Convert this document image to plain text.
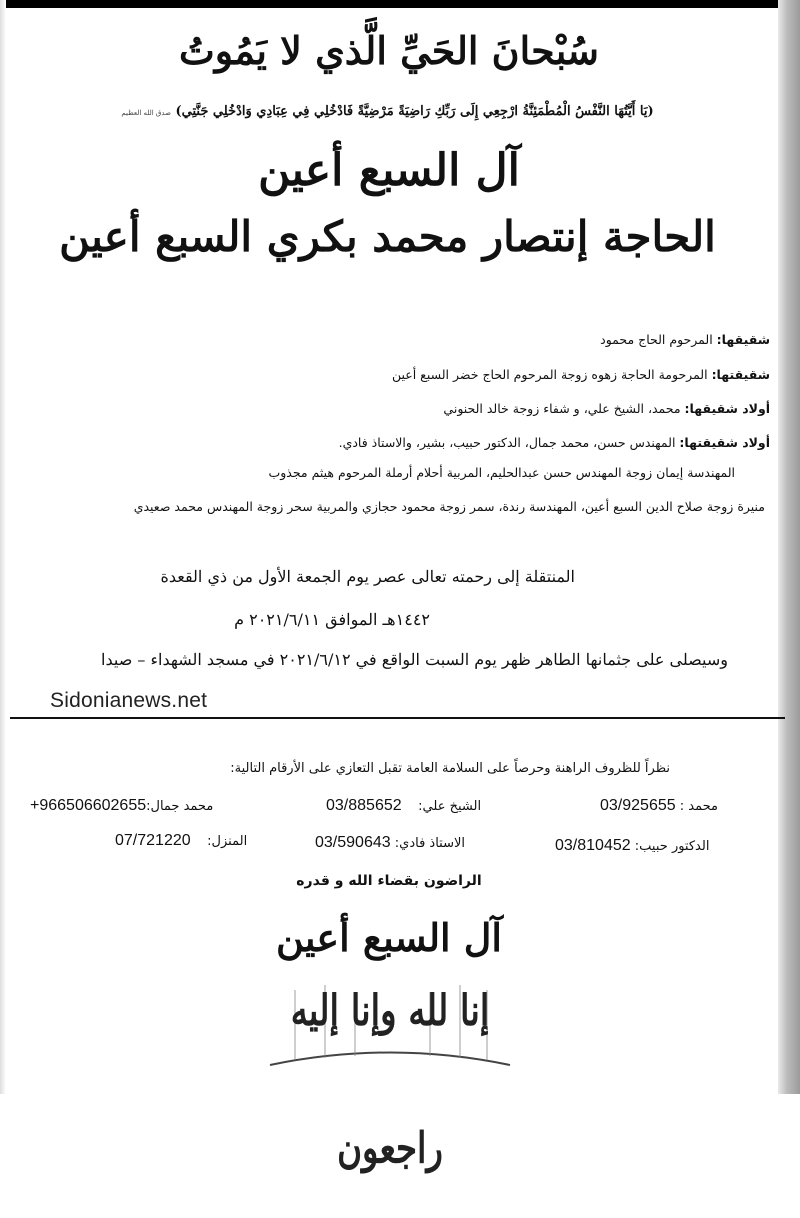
سُبْحانَ الحَيِّ الَّذي لا يَمُوتُ
(يَا أَيَّتُهَا النَّفْسُ الْمُطْمَئِنَّةُ ارْجِعِي إِلَى رَبِّكِ رَاضِيَةً مَرْضِيَّةً فَادْخُلِي فِي عِبَادِي وَادْخُلِي جَنَّتِي) صدق الله العظيم
آل السبع أعين
الحاجة إنتصار محمد بكري السبع أعين
شقيقها: المرحوم الحاج محمود
شقيقتها: المرحومة الحاجة زهوه زوجة المرحوم الحاج خضر السبع أعين
أولاد شقيقها: محمد، الشيخ علي، و شفاء زوجة خالد الحنوني
أولاد شقيقتها: المهندس حسن، محمد جمال، الدكتور حبيب، بشير، والاستاذ فادي.
المهندسة إيمان زوجة المهندس حسن عبدالحليم، المربية أحلام أرملة المرحوم هيثم مجذوب
منيرة زوجة صلاح الدين السبع أعين، المهندسة رندة، سمر زوجة محمود حجازي والمربية سحر زوجة المهندس محمد صعيدي
المنتقلة إلى رحمته تعالى عصر يوم الجمعة الأول من ذي القعدة
١٤٤٢هـ الموافق ٢٠٢١/٦/١١ م
وسيصلى على جثمانها الطاهر ظهر يوم السبت الواقع في ٢٠٢١/٦/١٢ في مسجد الشهداء – صيدا
Sidonianews.net
نظراً للظروف الراهنة وحرصاً على السلامة العامة تقبل التعازي على الأرقام التالية:
03/925655 محمد :
03/885652 الشيخ علي:
+966506602655محمد جمال:
03/810452 الدكتور حبيب:
03/590643 الاستاذ فادي:
07/721220 المنزل:
الراضون بقضاء الله و قدره
آل السبع أعين
إنا لله وإنا إليه راجعون
